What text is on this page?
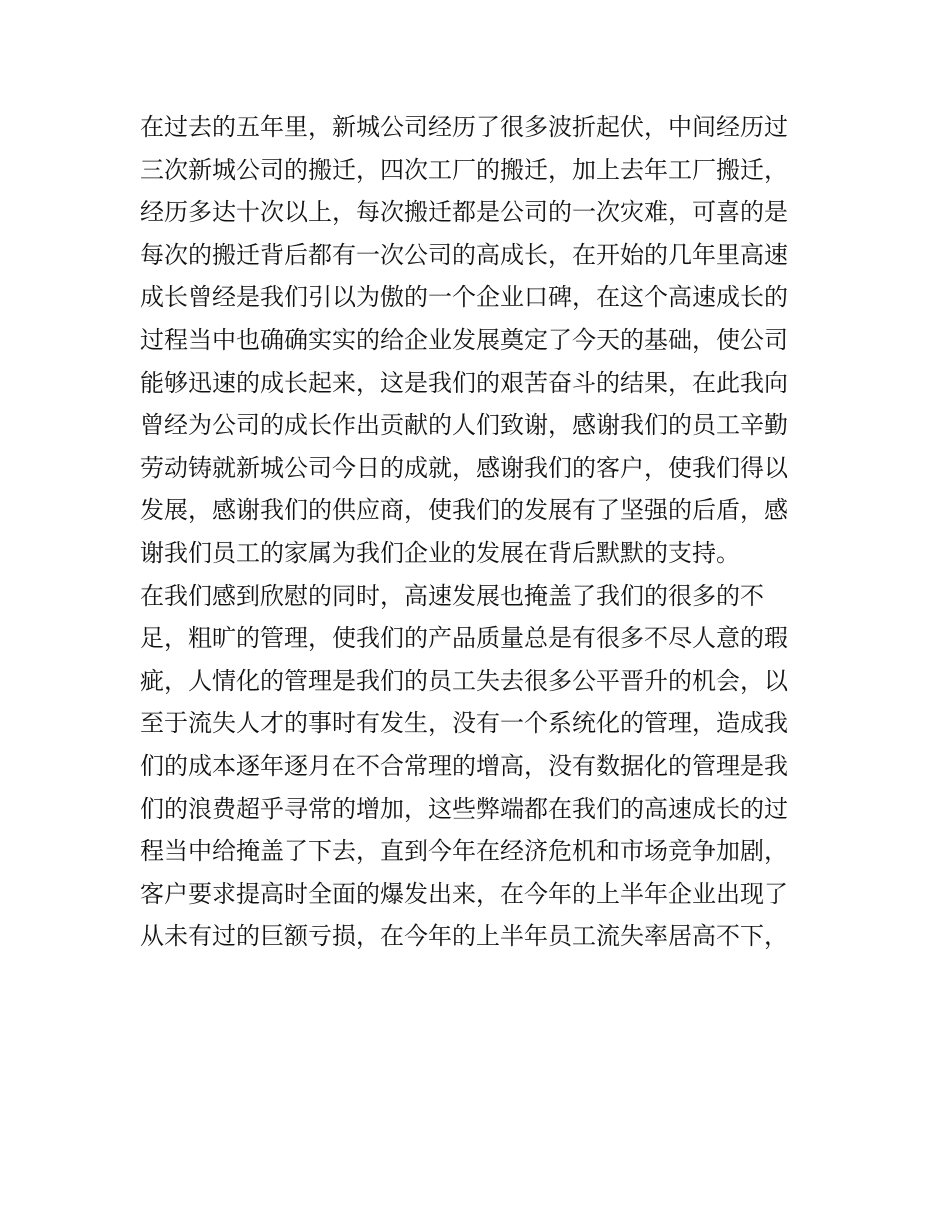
在过去的五年里，新城公司经历了很多波折起伏，中间经历过
三次新城公司的搬迁，四次工厂的搬迁，加上去年工厂搬迁，
经历多达十次以上，每次搬迁都是公司的一次灾难，可喜的是
每次的搬迁背后都有一次公司的高成长，在开始的几年里高速
成长曾经是我们引以为傲的一个企业口碑，在这个高速成长的
过程当中也确确实实的给企业发展奠定了今天的基础，使公司
能够迅速的成长起来，这是我们的艰苦奋斗的结果，在此我向
曾经为公司的成长作出贡献的人们致谢，感谢我们的员工辛勤
劳动铸就新城公司今日的成就，感谢我们的客户，使我们得以
发展，感谢我们的供应商，使我们的发展有了坚强的后盾，感
谢我们员工的家属为我们企业的发展在背后默默的支持。
在我们感到欣慰的同时，高速发展也掩盖了我们的很多的不
足，粗旷的管理，使我们的产品质量总是有很多不尽人意的瑕
疵，人情化的管理是我们的员工失去很多公平晋升的机会，以
至于流失人才的事时有发生，没有一个系统化的管理，造成我
们的成本逐年逐月在不合常理的增高，没有数据化的管理是我
们的浪费超乎寻常的增加，这些弊端都在我们的高速成长的过
程当中给掩盖了下去，直到今年在经济危机和市场竞争加剧，
客户要求提高时全面的爆发出来，在今年的上半年企业出现了
从未有过的巨额亏损，在今年的上半年员工流失率居高不下，
